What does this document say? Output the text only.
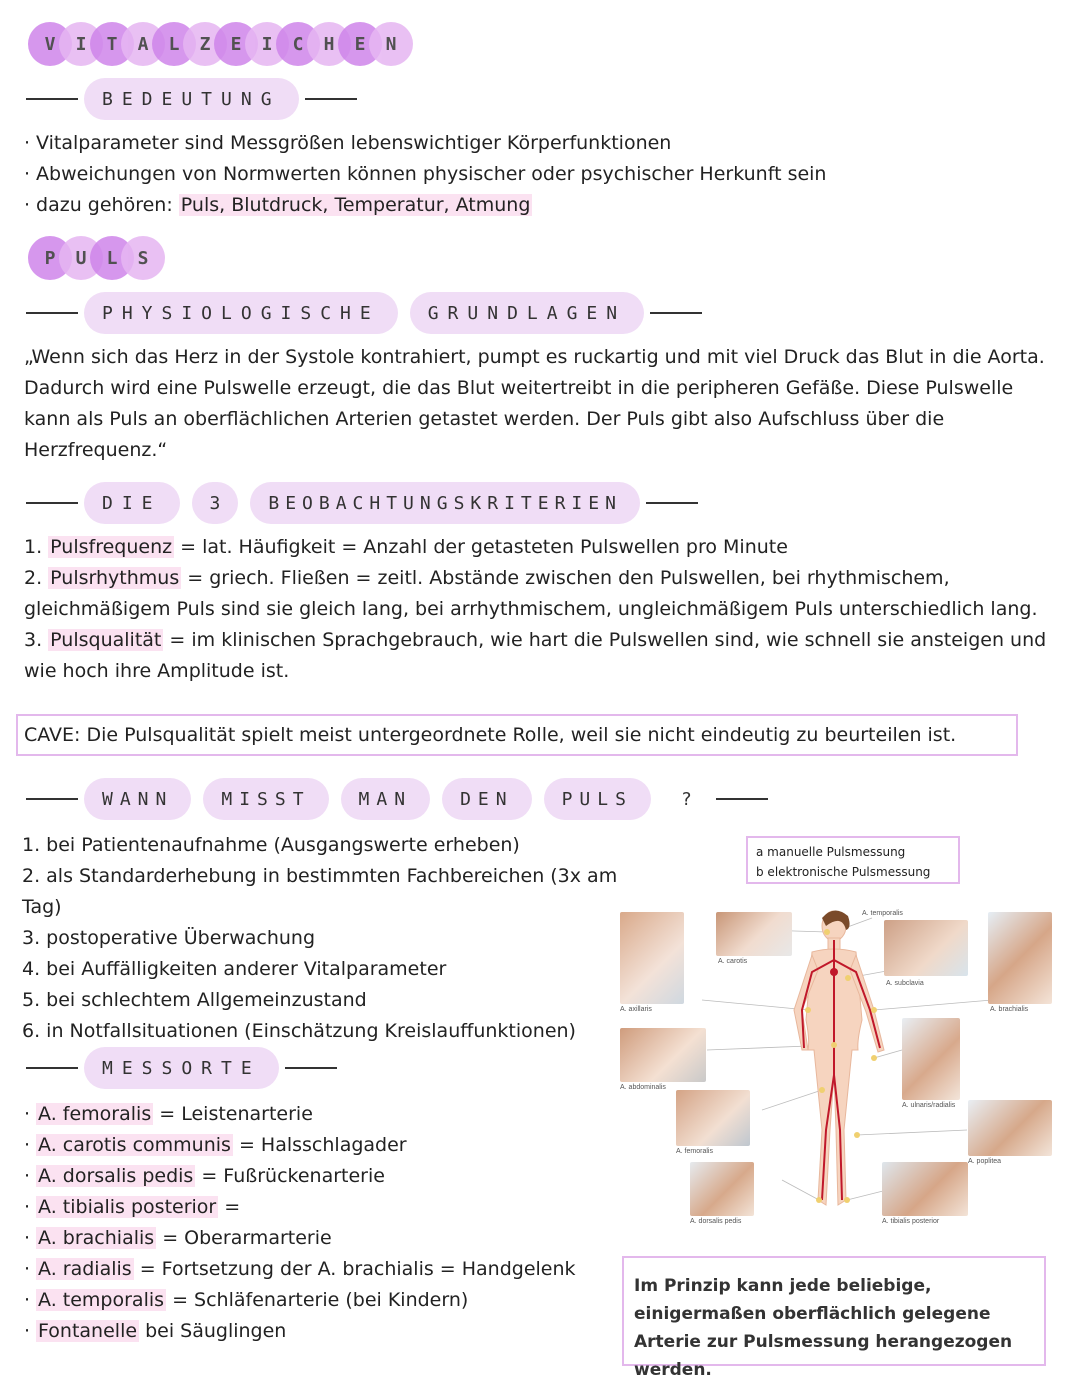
V	I	T	A	L	Z	E	I	C	H	E	N
BEDEUTUNG
· Vitalparameter sind Messgrößen lebenswichtiger Körperfunktionen
· Abweichungen von Normwerten können physischer oder psychischer Herkunft sein
· dazu gehören: Puls, Blutdruck, Temperatur, Atmung
P	U	L	S
PHYSIOLOGISCHE	GRUNDLAGEN
„Wenn sich das Herz in der Systole kontrahiert, pumpt es ruckartig und mit viel Druck das Blut in die Aorta. Dadurch wird eine Pulswelle erzeugt, die das Blut weitertreibt in die peripheren Gefäße. Diese Pulswelle kann als Puls an oberflächlichen Arterien getastet werden. Der Puls gibt also Aufschluss über die Herzfrequenz.“
DIE	3	BEOBACHTUNGSKRITERIEN
1. Pulsfrequenz = lat. Häufigkeit = Anzahl der getasteten Pulswellen pro Minute
2. Pulsrhythmus = griech. Fließen = zeitl. Abstände zwischen den Pulswellen, bei rhythmischem, gleichmäßigem Puls sind sie gleich lang, bei arrhythmischem, ungleichmäßigem Puls unterschiedlich lang.
3. Pulsqualität = im klinischen Sprachgebrauch, wie hart die Pulswellen sind, wie schnell sie ansteigen und wie hoch ihre Amplitude ist.
CAVE: Die Pulsqualität spielt meist untergeordnete Rolle, weil sie nicht eindeutig zu beurteilen ist.
WANN	MISST	MAN	DEN	PULS	?
1. bei Patientenaufnahme (Ausgangswerte erheben)
2. als Standarderhebung in bestimmten Fachbereichen (3x am Tag)
3. postoperative Überwachung
4. bei Auffälligkeiten anderer Vitalparameter
5. bei schlechtem Allgemeinzustand
6. in Notfallsituationen (Einschätzung Kreislauffunktionen)
a manuelle Pulsmessung
b elektronische Pulsmessung
A. temporalis
A. carotis
A. subclavia
A. axillaris	A. brachialis
A. abdominalis
A. ulnaris/radialis
A. femoralis
A. poplitea
A. dorsalis pedis	A. tibialis posterior
MESSORTE
· A. femoralis = Leistenarterie
· A. carotis communis = Halsschlagader
· A. dorsalis pedis = Fußrückenarterie
· A. tibialis posterior =
· A. brachialis = Oberarmarterie
· A. radialis = Fortsetzung der A. brachialis = Handgelenk
· A. temporalis = Schläfenarterie (bei Kindern)
· Fontanelle bei Säuglingen
Im Prinzip kann jede beliebige, einigermaßen oberflächlich gelegene Arterie zur Pulsmessung herangezogen werden.
